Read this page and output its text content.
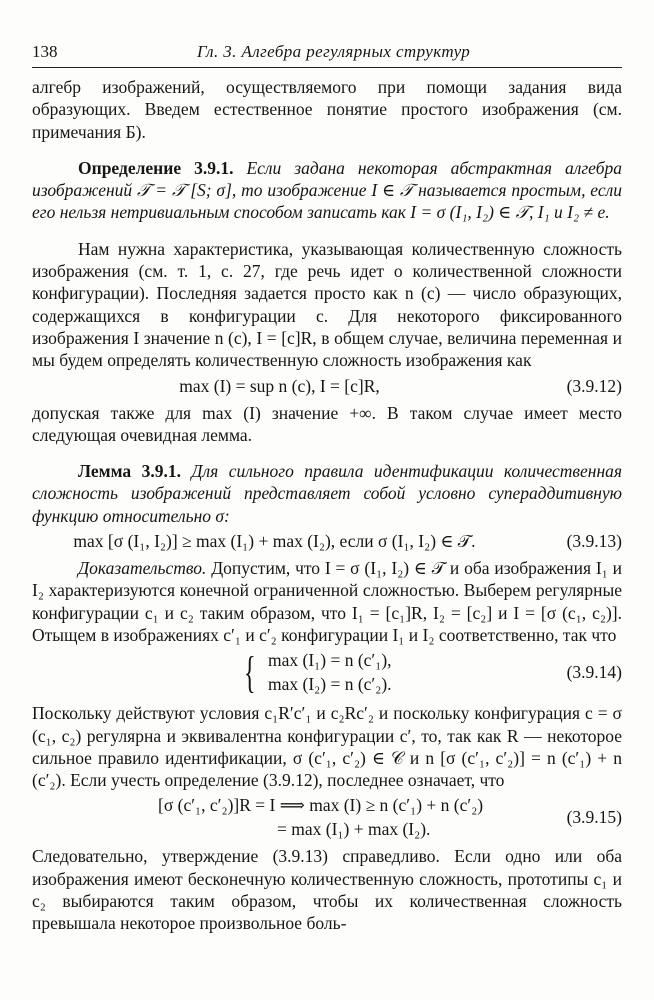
138	Гл. 3. Алгебра регулярных структур

алгебр изображений, осуществляемого при помощи задания вида образующих. Введем естественное понятие простого изображения (см. примечания Б).

Определение 3.9.1. Если задана некоторая абстрактная алгебра изображений 𝒯 = 𝒯 [S; σ], то изображение I ∈ 𝒯 называется простым, если его нельзя нетривиальным способом записать как I = σ (I₁, I₂) ∈ 𝒯, I₁ и I₂ ≠ e.

Нам нужна характеристика, указывающая количественную сложность изображения (см. т. 1, с. 27, где речь идет о количественной сложности конфигурации). Последняя задается просто как n (c) — число образующих, содержащихся в конфигурации c. Для некоторого фиксированного изображения I значение n (c), I = [c]R, в общем случае, величина переменная и мы будем определять количественную сложность изображения как

max (I) = sup n (c), I = [c]R,	(3.9.12)

допуская также для max (I) значение +∞. В таком случае имеет место следующая очевидная лемма.

Лемма 3.9.1. Для сильного правила идентификации количественная сложность изображений представляет собой условно супераддитивную функцию относительно σ:

max [σ (I₁, I₂)] ≥ max (I₁) + max (I₂), если σ (I₁, I₂) ∈ 𝒯.	(3.9.13)

Доказательство. Допустим, что I = σ (I₁, I₂) ∈ 𝒯 и оба изображения I₁ и I₂ характеризуются конечной ограниченной сложностью. Выберем регулярные конфигурации c₁ и c₂ таким образом, что I₁ = [c₁]R, I₂ = [c₂] и I = [σ (c₁, c₂)]. Отыщем в изображениях c′₁ и c′₂ конфигурации I₁ и I₂ соответственно, так что

{ max (I₁) = n (c′₁),
max (I₂) = n (c′₂).
(3.9.14)

Поскольку действуют условия c₁R′c′₁ и c₂Rc′₂ и поскольку конфигурация c = σ (c₁, c₂) регулярна и эквивалентна конфигурации c′, то, так как R — некоторое сильное правило идентификации, σ (c′₁, c′₂) ∈ 𝒞 и n [σ (c′₁, c′₂)] = n (c′₁) + n (c′₂). Если учесть определение (3.9.12), последнее означает, что

[σ (c′₁, c′₂)]R = I ⟹ max (I) ≥ n (c′₁) + n (c′₂)
= max (I₁) + max (I₂).
(3.9.15)

Следовательно, утверждение (3.9.13) справедливо. Если одно или оба изображения имеют бесконечную количественную сложность, прототипы c₁ и c₂ выбираются таким образом, чтобы их количественная сложность превышала некоторое произвольное боль-
